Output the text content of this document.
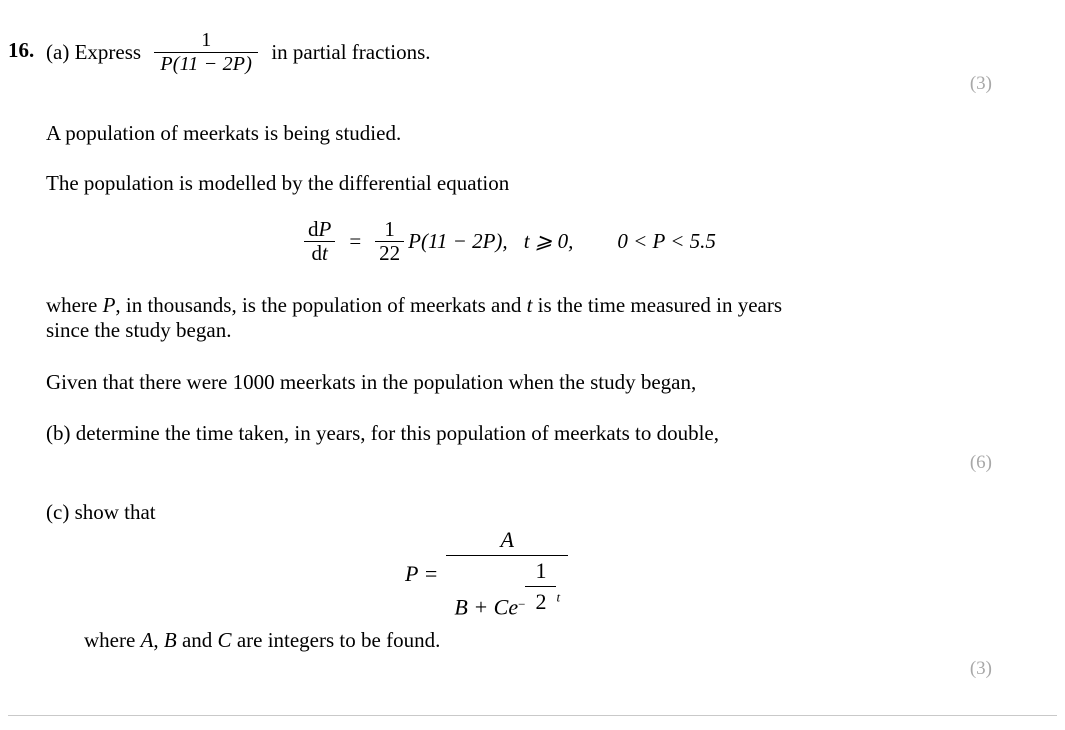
16. (a) Express $\frac{1}{P(11 - 2P)}$ in partial fractions.
(3)
A population of meerkats is being studied.
The population is modelled by the differential equation
$\frac{dP}{dt} = \frac{1}{22} P(11 - 2P)$, t ⩾ 0, 0 < P < 5.5
where P, in thousands, is the population of meerkats and t is the time measured in years
since the study began.
Given that there were 1000 meerkats in the population when the study began,
(b) determine the time taken, in years, for this population of meerkats to double,
(6)
(c) show that
$P = \frac{A}{B + Ce- \frac{1}{2} t}$
where A, B and C are integers to be found.
(3)
